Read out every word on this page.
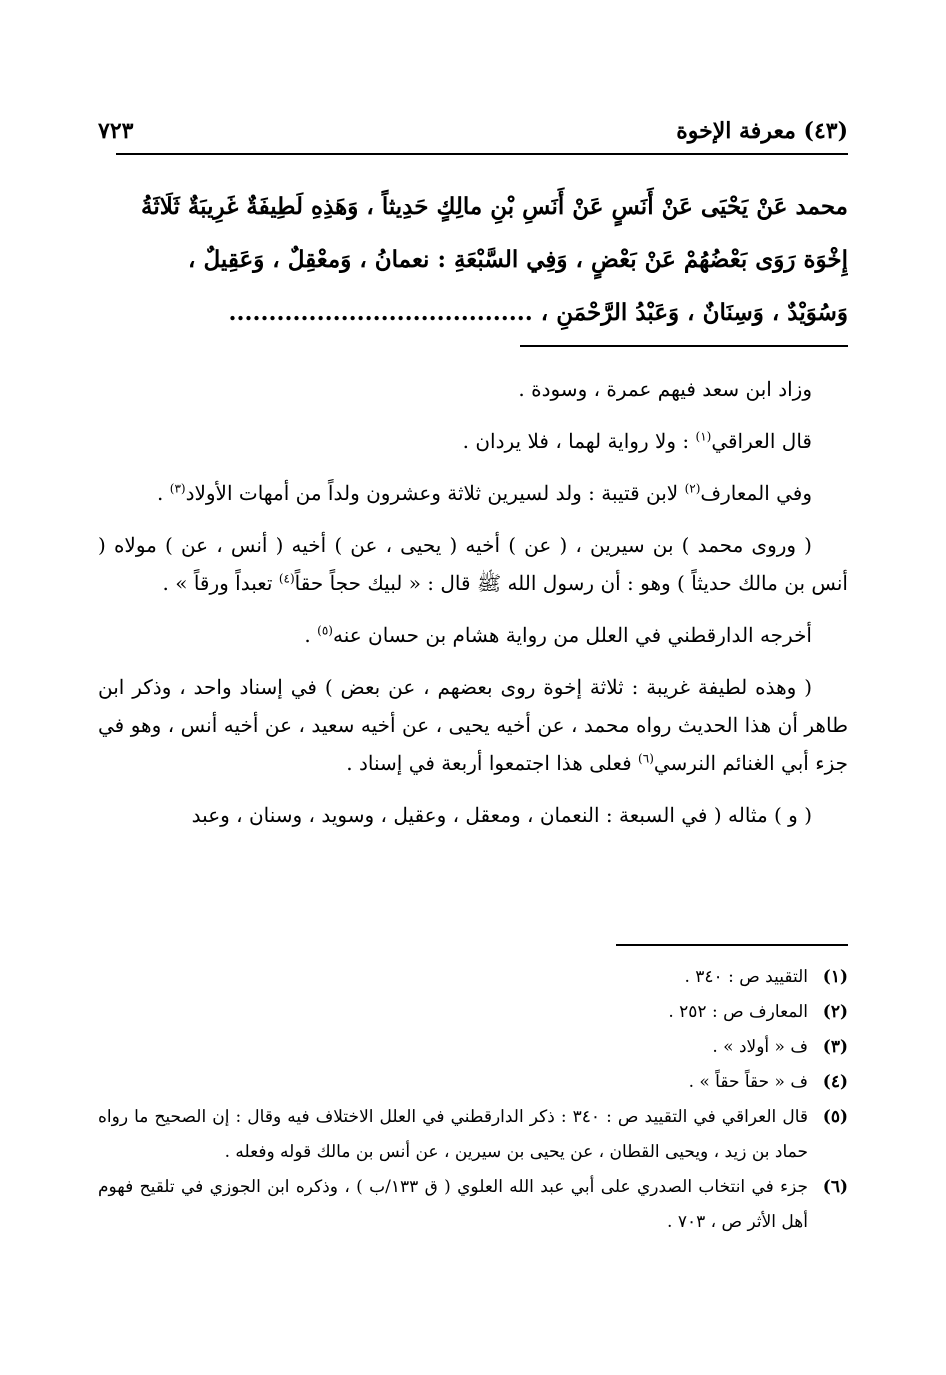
(٤٣) معرفة الإخوة
٧٢٣

محمد عَنْ يَحْيَى عَنْ أَنَسٍ عَنْ أَنَسِ بْنِ مالِكٍ حَدِيثاً ، وَهَذِهِ لَطِيفَةٌ غَرِيبَةٌ ثَلَاثَةُ

إِخْوَة رَوَى بَعْضُهُمْ عَنْ بَعْضٍ ، وَفِي السَّبْعَةِ : نعمانُ ، وَمعْقِلٌ ، وَعَقِيلٌ ،

وَسُوَيْدٌ ، وَسِنَانٌ ، وَعَبْدُ الرَّحْمَنِ ، ......................................

وزاد ابن سعد فيهم عمرة ، وسودة .

قال العراقي$^{(١)}$ : ولا رواية لهما ، فلا يردان .

وفي المعارف$^{(٢)}$ لابن قتيبة : ولد لسيرين ثلاثة وعشرون ولداً من أمهات الأولاد$^{(٣)}$ .

( وروى محمد ) بن سيرين ، ( عن ) أخيه ( يحيى ، عن ) أخيه ( أنس ، عن ) مولاه ( أنس بن مالك حديثاً ) وهو : أن رسول الله ﷺ قال : « لبيك حجاً حقاً$^{(٤)}$ تعبداً ورقاً » .

أخرجه الدارقطني في العلل من رواية هشام بن حسان عنه$^{(٥)}$ .

( وهذه لطيفة غريبة : ثلاثة إخوة روى بعضهم ، عن بعض ) في إسناد واحد ، وذكر ابن طاهر أن هذا الحديث رواه محمد ، عن أخيه يحيى ، عن أخيه سعيد ، عن أخيه أنس ، وهو في جزء أبي الغنائم النرسي$^{(٦)}$ فعلى هذا اجتمعوا أربعة في إسناد .

( و ) مثاله ( في السبعة : النعمان ، ومعقل ، وعقيل ، وسويد ، وسنان ، وعبد

(١)
التقييد ص : ٣٤٠ .
(٢)
المعارف ص : ٢٥٢ .
(٣)
ف « أولاد » .
(٤)
ف « حقاً حقاً » .
(٥)
قال العراقي في التقييد ص : ٣٤٠ : ذكر الدارقطني في العلل الاختلاف فيه وقال : إن الصحيح ما رواه حماد بن زيد ، ويحيى القطان ، عن يحيى بن سيرين ، عن أنس بن مالك قوله وفعله .
(٦)
جزء في انتخاب الصدري على أبي عبد الله العلوي ( ق ١٣٣/ب ) ، وذكره ابن الجوزي في تلقيح فهوم أهل الأثر ص ، ٧٠٣ .
